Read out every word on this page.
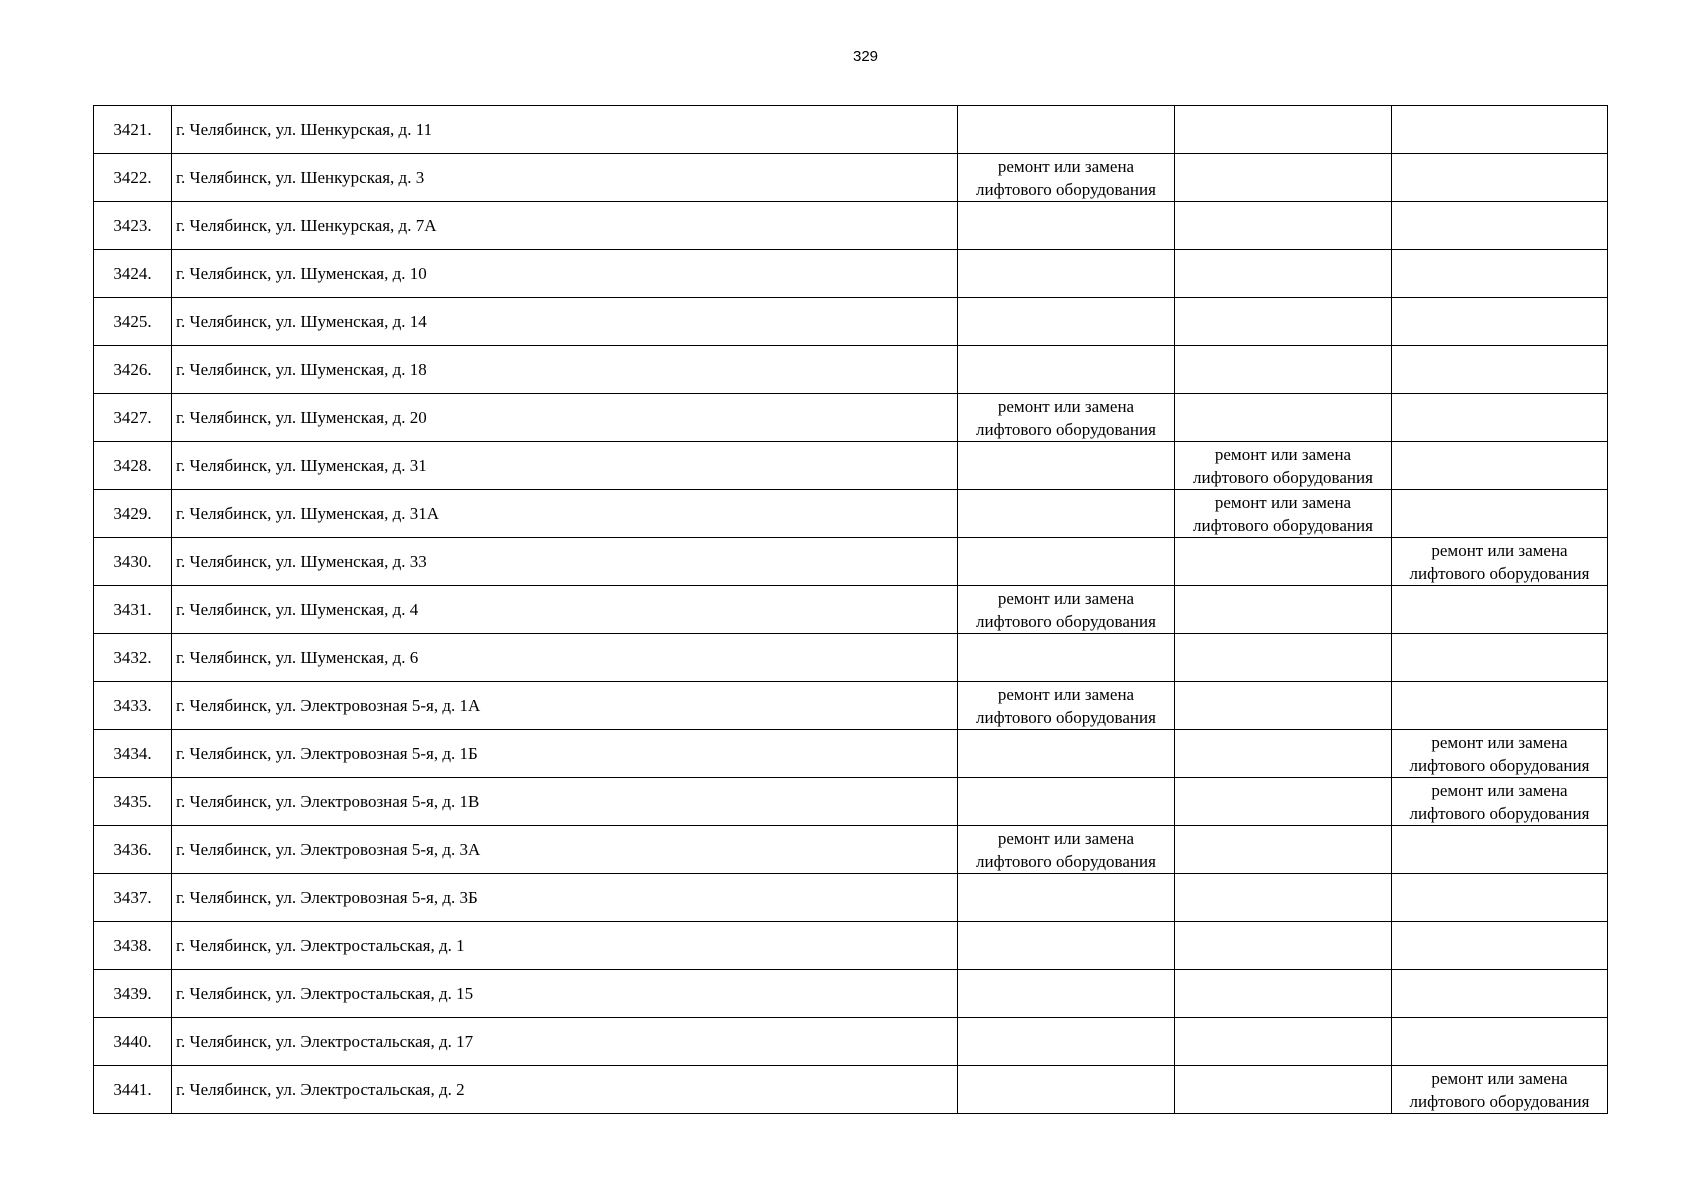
329
3421.	г. Челябинск, ул. Шенкурская, д. 11			
3422.	г. Челябинск, ул. Шенкурская, д. 3	ремонт или замена
лифтового оборудования		

3423.	г. Челябинск, ул. Шенкурская, д. 7А			
3424.	г. Челябинск, ул. Шуменская, д. 10			
3425.	г. Челябинск, ул. Шуменская, д. 14			
3426.	г. Челябинск, ул. Шуменская, д. 18			
3427.	г. Челябинск, ул. Шуменская, д. 20	ремонт или замена
лифтового оборудования		

3428.	г. Челябинск, ул. Шуменская, д. 31		ремонт или замена
лифтового оборудования	

3429.	г. Челябинск, ул. Шуменская, д. 31А		ремонт или замена
лифтового оборудования	

3430.	г. Челябинск, ул. Шуменская, д. 33			ремонт или замена
лифтового оборудования

3431.	г. Челябинск, ул. Шуменская, д. 4	ремонт или замена
лифтового оборудования		

3432.	г. Челябинск, ул. Шуменская, д. 6			
3433.	г. Челябинск, ул. Электровозная 5-я, д. 1А	ремонт или замена
лифтового оборудования		

3434.	г. Челябинск, ул. Электровозная 5-я, д. 1Б			ремонт или замена
лифтового оборудования

3435.	г. Челябинск, ул. Электровозная 5-я, д. 1В			ремонт или замена
лифтового оборудования

3436.	г. Челябинск, ул. Электровозная 5-я, д. 3А	ремонт или замена
лифтового оборудования		

3437.	г. Челябинск, ул. Электровозная 5-я, д. 3Б			
3438.	г. Челябинск, ул. Электростальская, д. 1			
3439.	г. Челябинск, ул. Электростальская, д. 15			
3440.	г. Челябинск, ул. Электростальская, д. 17			
3441.	г. Челябинск, ул. Электростальская, д. 2			ремонт или замена
лифтового оборудования
